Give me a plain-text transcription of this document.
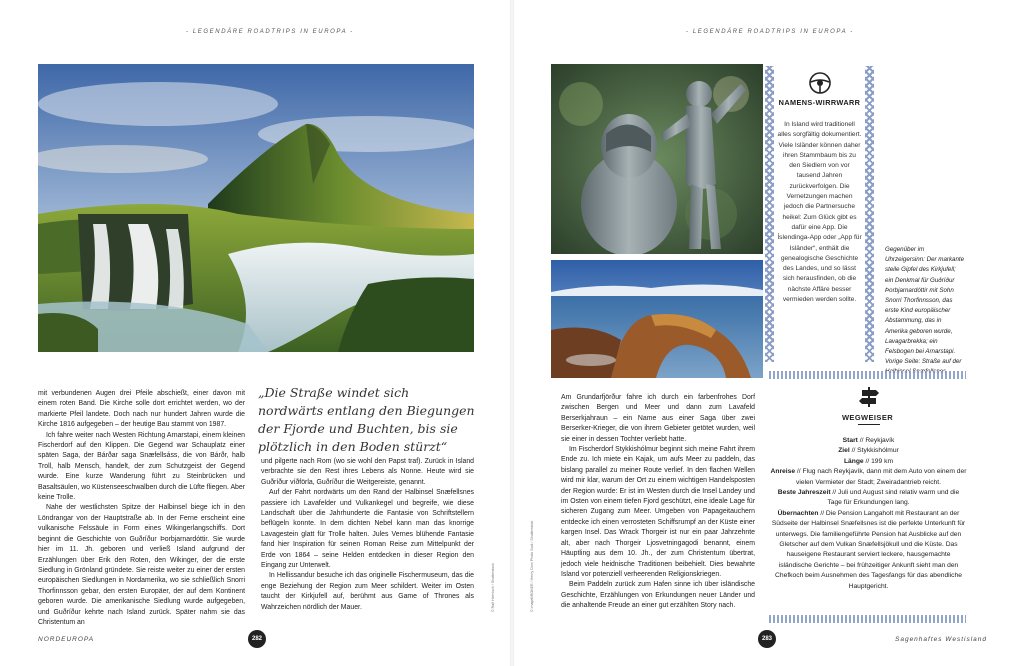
- LEGENDÄRE ROADTRIPS IN EUROPA -	- LEGENDÄRE ROADTRIPS IN EUROPA -

mit verbundenen Augen drei Pfeile abschießt, einer davon mit einem roten Band. Die Kirche solle dort errichtet werden, wo der markierte Pfeil landete. Doch nach nur hundert Jahren wurde die Kirche 1816 aufgegeben – der heutige Bau stammt von 1987.

Ich fahre weiter nach Westen Richtung Arnarstapi, einem kleinen Fischerdorf auf den Klippen. Die Gegend war Schauplatz einer späten Saga, der Bárðar saga Snæfellsáss, die von Bárðr, halb Troll, halb Mensch, handelt, der zum Schutzgeist der Gegend wurde. Eine kurze Wanderung führt zu Steinbrücken und Basaltsäulen, wo Küstenseeschwalben durch die Lüfte fliegen. Aber keine Trolle.

Nahe der westlichsten Spitze der Halbinsel biege ich in den Löndrangar von der Hauptstraße ab. In der Ferne erscheint eine vulkanische Felssäule in Form eines Wikingerlangschiffs. Dort beginnt die Geschichte von Guðríður Þorbjarnardóttir. Sie wurde hier im 11. Jh. geboren und verließ Island aufgrund der Erzählungen über Erik den Roten, den Wikinger, der die erste Siedlung in Grönland gründete. Sie reiste weiter zu einer der ersten europäischen Siedlungen in Nordamerika, wo sie schließlich Snorri Thorfinnsson gebar, den ersten Europäer, der auf dem Kontinent geboren wurde. Die amerikanische Siedlung wurde aufgegeben, und Guðríður kehrte nach Island zurück. Später nahm sie das Christentum an

„Die Straße windet sich nordwärts entlang den Biegungen der Fjorde und Buchten, bis sie plötzlich in den Boden stürzt“

und pilgerte nach Rom (wo sie wohl den Papst traf). Zurück in Island verbrachte sie den Rest ihres Lebens als Nonne. Heute wird sie Guðríður víðförla, Guðríður die Weitgereiste, genannt.

Auf der Fahrt nordwärts um den Rand der Halbinsel Snæfellsnes passiere ich Lavafelder und Vulkankegel und begreife, wie diese Landschaft über die Jahrhunderte die Fantasie von Schriftstellern beflügeln konnte. In dem dichten Nebel kann man das knorrige Lavagestein glatt für Trolle halten. Jules Vernes blühende Fantasie fand hier Inspiration für seinen Roman Reise zum Mittelpunkt der Erde von 1864 – seine Helden entdecken in dieser Region den Eingang zur Unterwelt.

In Hellissandur besuche ich das originelle Fischermuseum, das die enge Beziehung der Region zum Meer schildert. Weiter im Osten taucht der Kirkjufell auf, berühmt aus Game of Thrones als Wahrzeichen nördlich der Mauer.	© Ralf Hiemisch / Shutterstock
NORDEUROPA	282
NAMENS-WIRRWARR
In Island wird traditionell alles sorgfältig dokumentiert. Viele Isländer können daher ihren Stammbaum bis zu den Siedlern von vor tausend Jahren zurückverfolgen. Die Vernetzungen machen jedoch die Partnersuche heikel: Zum Glück gibt es dafür eine App. Die Íslendinga-App oder „App für Isländer“, enthält die genealogische Geschichte des Landes, und so lässt sich herausfinden, ob die nächste Affäre besser vermieden werden sollte.
Gegenüber im Uhrzeigersinn: Der markante steile Gipfel des Kirkjufell; ein Denkmal für Guðríður Þorbjarnardóttir mit Sohn Snorri Thorfinnsson, das erste Kind europäischer Abstammung, das in Amerika geboren wurde, Lavagarbrekka; ein Felsbogen bei Arnarstapi. Vorige Seite: Straße auf der

Am Grundarfjörður fahre ich durch ein farbenfrohes Dorf zwischen Bergen und Meer und dann zum Lavafeld Berserkjahraun – ein Name aus einer Saga über zwei Berserker-Krieger, die von ihrem Gebieter getötet wurden, weil sie einer in dessen Tochter verliebt hatte.

Im Fischerdorf Stykkishólmur beginnt sich meine Fahrt ihrem Ende zu. Ich miete ein Kajak, um aufs Meer zu paddeln, das bislang parallel zu meiner Route verlief. In den flachen Wellen wird mir klar, warum der Ort zu einem wichtigen Handelsposten der Region wurde: Er ist im Westen durch die Insel Landey und im Osten von einem tiefen Fjord geschützt, eine ideale Lage für sicheren Zugang zum Meer. Umgeben von Papageitauchern entdecke ich einen verrosteten Schiffsrumpf an der Küste einer kargen Insel. Das Wrack Thorgeir ist nur ein paar Jahrzehnte alt, aber nach Thorgeir Ljosvetningagodi benannt, einem Häuptling aus dem 10. Jh., der zum Christentum übertrat, jedoch viele heidnische Traditionen beibehielt. Dies bewahrte Island vor potenziell verheerenden Religionskriegen.

Beim Paddeln zurück zum Hafen sinne ich über isländische Geschichte, Erzählungen von Erkundungen neuer Länder und die anhaltende Freude an einer gut erzählten Story nach.

© imageBROKER / Henry Don/ Photo Scot / Shutterstock
WEGWEISER
Start // Reykjavík
Ziel // Stykkishólmur
Länge // 199 km
Anreise // Flug nach Reykjavík, dann mit dem Auto von einem der vielen Vermieter der Stadt; Zweiradantrieb reicht.
Beste Jahreszeit // Juli und August sind relativ warm und die Tage für Erkundungen lang.
Übernachten // Die Pension Langaholt mit Restaurant an der Südseite der Halbinsel Snæfellsnes ist die perfekte Unterkunft für unterwegs. Die familiengeführte Pension hat Ausblicke auf den Gletscher auf dem Vulkan Snæfellsjökull und die Küste. Das hauseigene Restaurant serviert leckere, hausgemachte isländische Gerichte – bei frühzeitiger Ankunft sieht man den Chefkoch beim Ausnehmen des Tagesfangs für das abendliche Hauptgericht.
283	Sagenhaftes Westisland
